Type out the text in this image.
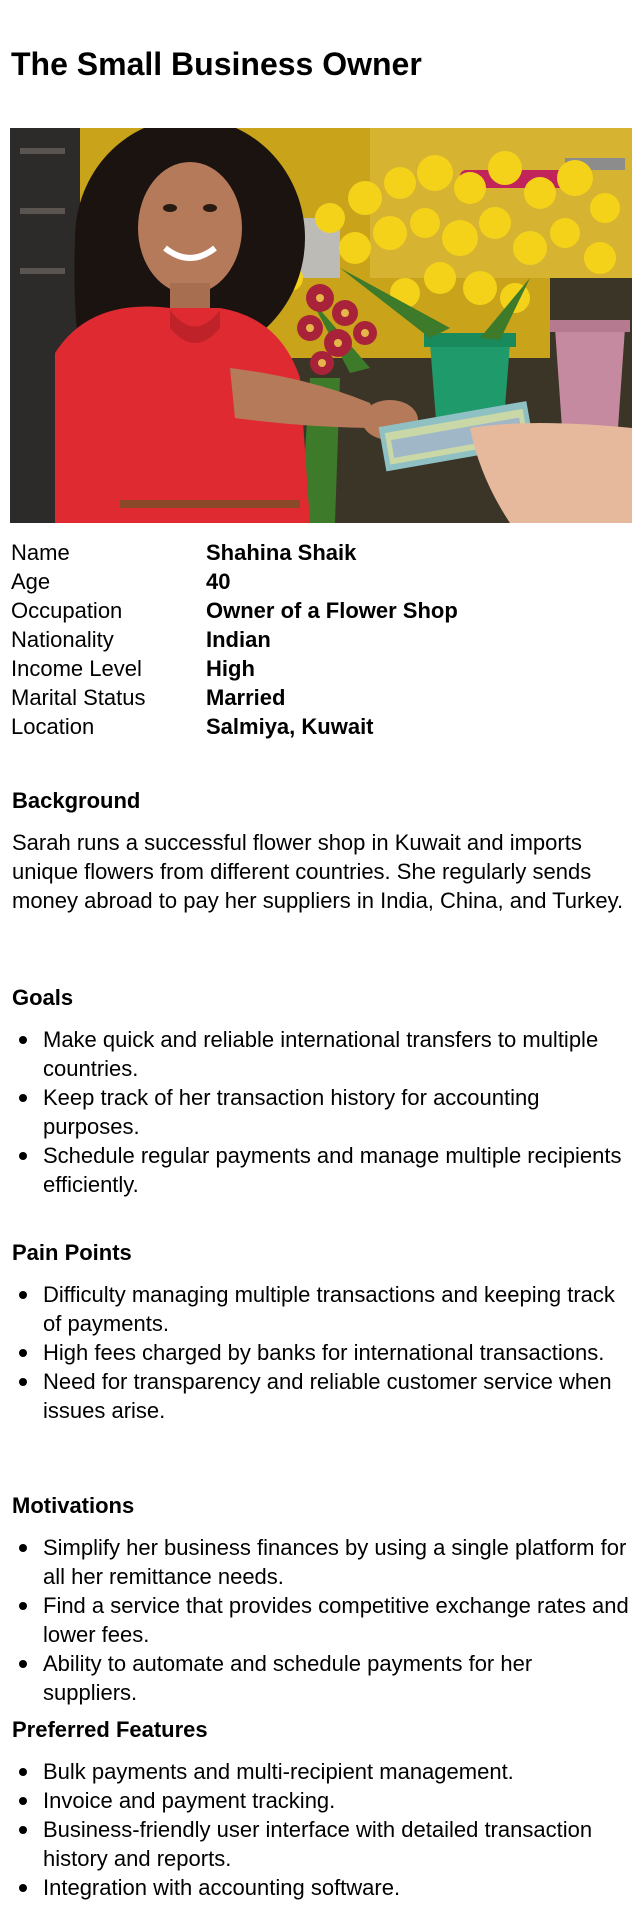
The Small Business Owner
Name	Shahina Shaik
Age	40
Occupation	Owner of a Flower Shop
Nationality	Indian
Income Level	High
Marital Status	Married
Location	Salmiya, Kuwait
Background

Sarah runs a successful flower shop in Kuwait and imports unique flowers from different countries. She regularly sends money abroad to pay her suppliers in India, China, and Turkey.

Goals
Make quick and reliable international transfers to multiple countries.
Keep track of her transaction history for accounting purposes.
Schedule regular payments and manage multiple recipients efficiently.
Pain Points
Difficulty managing multiple transactions and keeping track of payments.
High fees charged by banks for international transactions.
Need for transparency and reliable customer service when issues arise.
Motivations
Simplify her business finances by using a single platform for all her remittance needs.
Find a service that provides competitive exchange rates and lower fees.
Ability to automate and schedule payments for her suppliers.
Preferred Features
Bulk payments and multi-recipient management.
Invoice and payment tracking.
Business-friendly user interface with detailed transaction history and reports.
Integration with accounting software.
